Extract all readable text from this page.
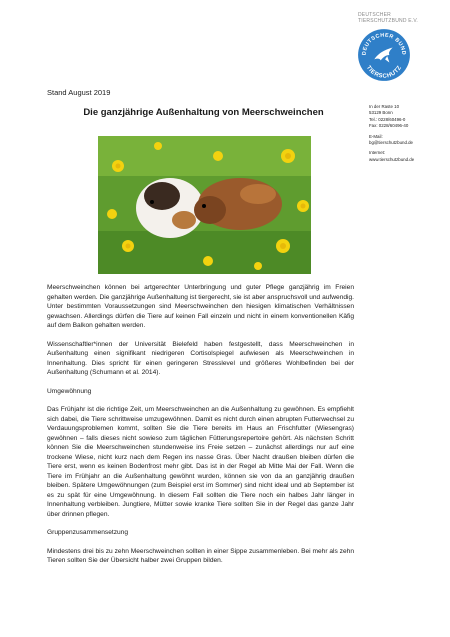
DEUTSCHER
TIERSCHUTZBUND E.V.
DEUTSCHER BUND
TIERSCHUTZ
Stand August 2019
Die ganzjährige Außenhaltung von Meerschweinchen

In der Raste 10
53129 Bonn
Tel.: 0228/60496-0
Fax: 0228/60496-40

E-Mail:
bg@tierschutzbund.de

Internet:
www.tierschutzbund.de

Meerschweinchen können bei artgerechter Unterbringung und guter Pflege ganzjährig im Freien gehalten werden. Die ganzjährige Außenhaltung ist tiergerecht, sie ist aber anspruchsvoll und aufwendig. Unter bestimmten Voraussetzungen sind Meerschweinchen den hiesigen klimatischen Verhältnissen gewachsen. Allerdings dürfen die Tiere auf keinen Fall einzeln und nicht in einem konventionellen Käfig auf dem Balkon gehalten werden.

Wissenschaftler*innen der Universität Bielefeld haben festgestellt, dass Meerschweinchen in Außenhaltung einen signifikant niedrigeren Cortisolspiegel aufwiesen als Meerschweinchen in Innenhaltung. Dies spricht für einen geringeren Stresslevel und größeres Wohlbefinden bei der Außenhaltung (Schumann et al. 2014).

Umgewöhnung

Das Frühjahr ist die richtige Zeit, um Meerschweinchen an die Außenhaltung zu gewöhnen. Es empfiehlt sich dabei, die Tiere schrittweise umzugewöhnen. Damit es nicht durch einen abrupten Futterwechsel zu Verdauungsproblemen kommt, sollten Sie die Tiere bereits im Haus an Frischfutter (Wiesengras) gewöhnen – falls dieses nicht sowieso zum täglichen Fütterungsrepertoire gehört. Als nächsten Schritt können Sie die Meerschweinchen stundenweise ins Freie setzen – zunächst allerdings nur auf eine trockene Wiese, nicht kurz nach dem Regen ins nasse Gras. Über Nacht draußen bleiben dürfen die Tiere erst, wenn es keinen Bodenfrost mehr gibt. Das ist in der Regel ab Mitte Mai der Fall. Wenn die Tiere im Frühjahr an die Außenhaltung gewöhnt wurden, können sie von da an ganzjährig draußen bleiben. Spätere Umgewöhnungen (zum Beispiel erst im Sommer) sind nicht ideal und ab September ist es zu spät für eine Umgewöhnung. In diesem Fall sollten die Tiere noch ein halbes Jahr länger in Innenhaltung verbleiben. Jungtiere, Mütter sowie kranke Tiere sollten Sie in der Regel das ganze Jahr über drinnen pflegen.

Gruppenzusammensetzung

Mindestens drei bis zu zehn Meerschweinchen sollten in einer Sippe zusammenleben. Bei mehr als zehn Tieren sollten Sie der Übersicht halber zwei Gruppen bilden.
